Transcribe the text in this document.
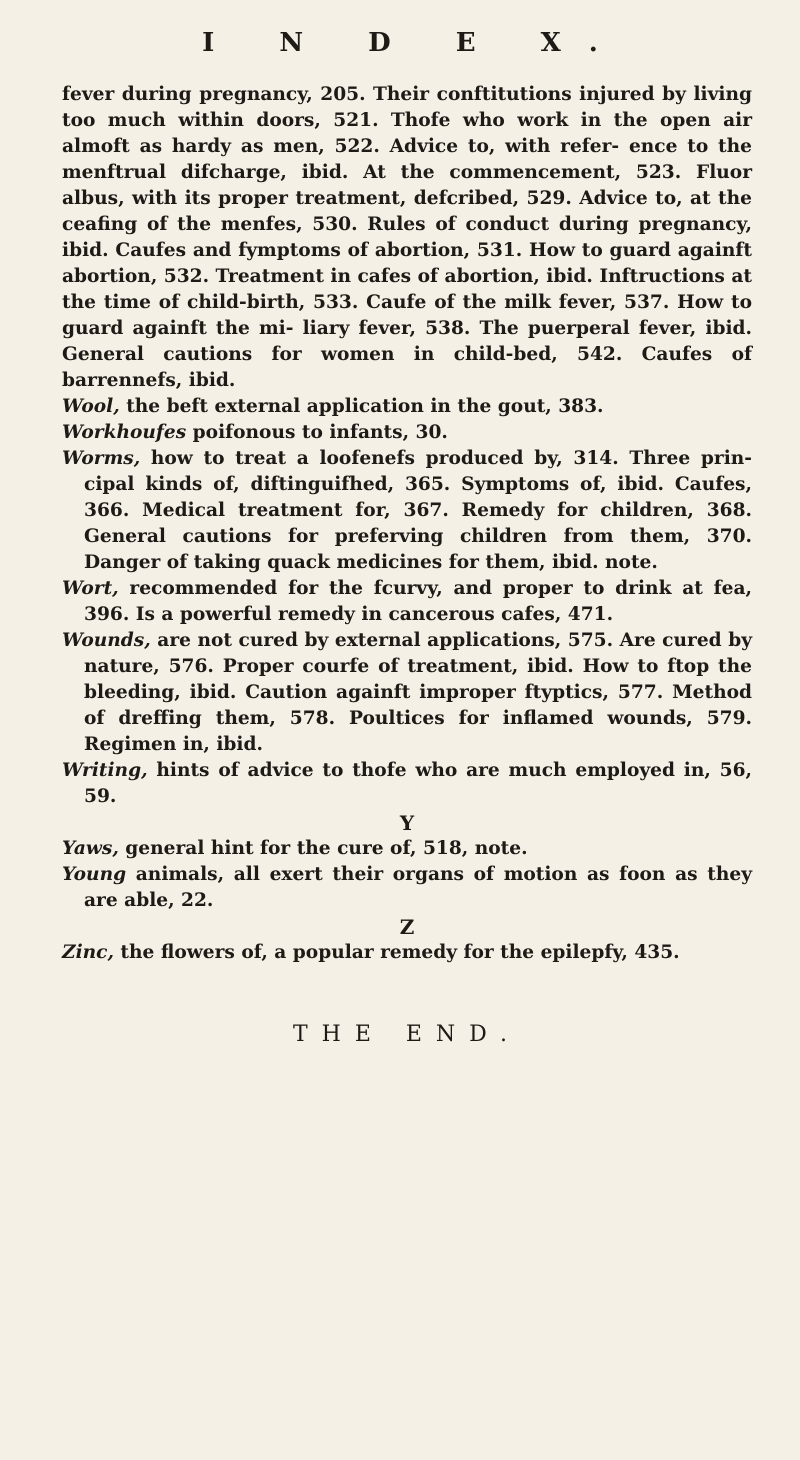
I N D E X.

fever during pregnancy, 205. Their conftitutions injured by living too much within doors, 521. Thofe who work in the open air almoft as hardy as men, 522. Advice to, with refer- ence to the menftrual difcharge, ibid. At the commencement, 523. Fluor albus, with its proper treatment, defcribed, 529. Advice to, at the ceafing of the menfes, 530. Rules of conduct during pregnancy, ibid. Caufes and fymptoms of abortion, 531. How to guard againft abortion, 532. Treatment in cafes of abortion, ibid. Inftructions at the time of child-birth, 533. Caufe of the milk fever, 537. How to guard againft the mi- liary fever, 538. The puerperal fever, ibid. General cautions for women in child-bed, 542. Caufes of barrennefs, ibid.

Wool, the beft external application in the gout, 383.

Workhoufes poifonous to infants, 30.

Worms, how to treat a loofenefs produced by, 314. Three prin- cipal kinds of, diftinguifhed, 365. Symptoms of, ibid. Caufes, 366. Medical treatment for, 367. Remedy for children, 368. General cautions for preferving children from them, 370. Danger of taking quack medicines for them, ibid. note.

Wort, recommended for the fcurvy, and proper to drink at fea, 396. Is a powerful remedy in cancerous cafes, 471.

Wounds, are not cured by external applications, 575. Are cured by nature, 576. Proper courfe of treatment, ibid. How to ftop the bleeding, ibid. Caution againft improper ftyptics, 577. Method of dreffing them, 578. Poultices for inflamed wounds, 579. Regimen in, ibid.

Writing, hints of advice to thofe who are much employed in, 56, 59.

Y

Yaws, general hint for the cure of, 518, note.

Young animals, all exert their organs of motion as foon as they are able, 22.

Z

Zinc, the flowers of, a popular remedy for the epilepfy, 435.

THE END.
